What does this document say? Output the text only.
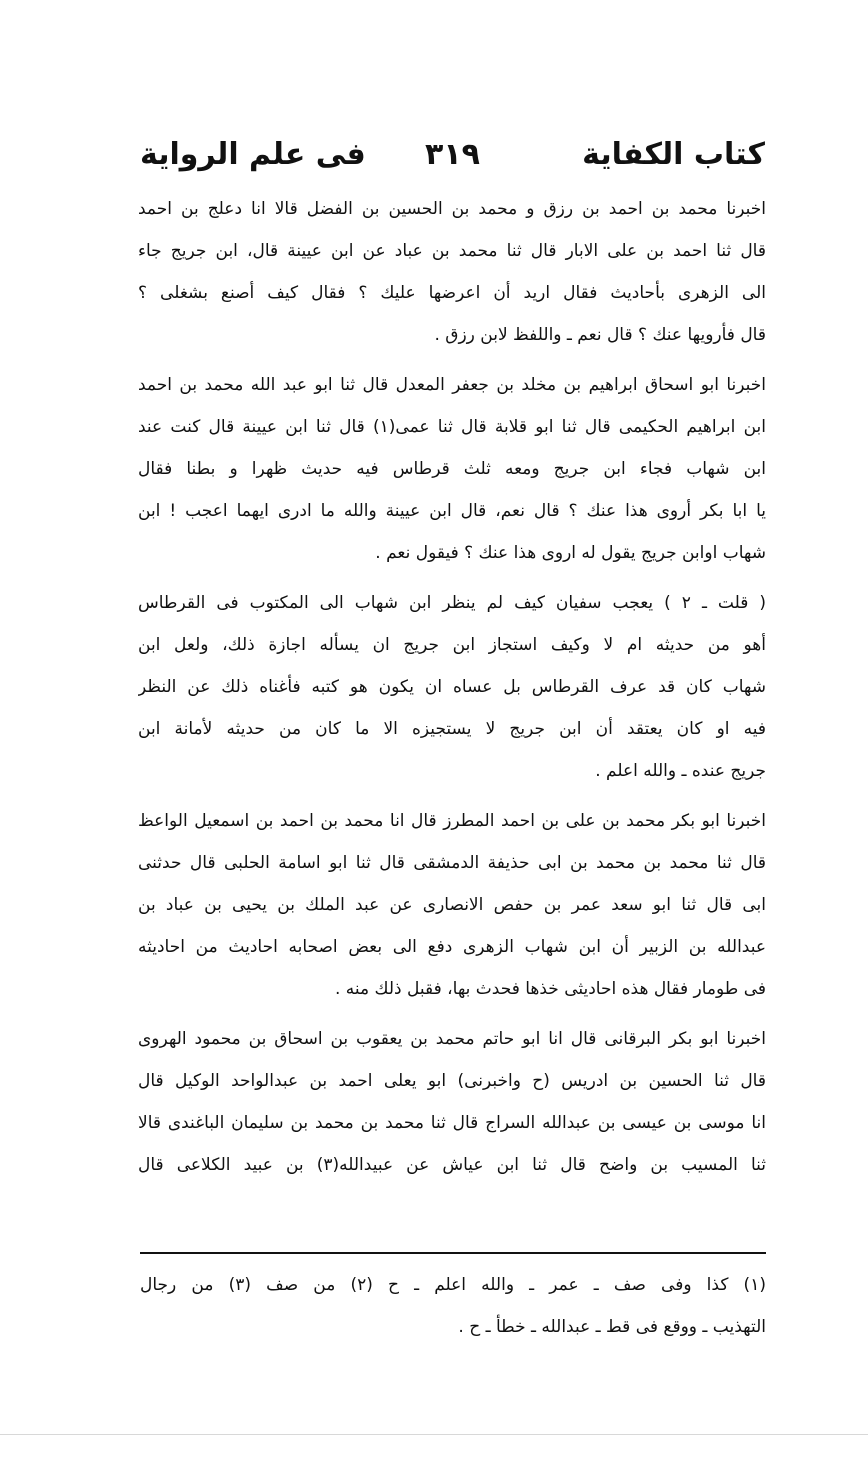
كتاب الكفاية
٣١٩
فى علم الرواية
اخبرنا محمد بن احمد بن رزق و محمد بن الحسين بن الفضل قالا انا دعلج بن احمد
قال ثنا احمد بن على الابار قال ثنا محمد بن عباد عن ابن عيينة قال، ابن جريج جاء
الى الزهرى بأحاديث فقال اريد أن اعرضها عليك ؟ فقال كيف أصنع بشغلى ؟
قال فأرويها عنك ؟ قال نعم ـ واللفظ لابن رزق .
اخبرنا ابو اسحاق ابراهيم بن مخلد بن جعفر المعدل قال ثنا ابو عبد الله محمد بن احمد
ابن ابراهيم الحكيمى قال ثنا ابو قلابة قال ثنا عمى(١) قال ثنا ابن عيينة قال كنت عند
ابن شهاب فجاء ابن جريج ومعه ثلث قرطاس فيه حديث ظهرا و بطنا فقال
يا ابا بكر أروى هذا عنك ؟ قال نعم، قال ابن عيينة والله ما ادرى ايهما اعجب ! ابن
شهاب اوابن جريج يقول له اروى هذا عنك ؟ فيقول نعم .
( قلت ـ ٢ ) يعجب سفيان كيف لم ينظر ابن شهاب الى المكتوب فى القرطاس
أهو من حديثه ام لا وكيف استجاز ابن جريج ان يسأله اجازة ذلك، ولعل ابن
شهاب كان قد عرف القرطاس بل عساه ان يكون هو كتبه فأغناه ذلك عن النظر
فيه او كان يعتقد أن ابن جريج لا يستجيزه الا ما كان من حديثه لأمانة ابن
جريج عنده ـ والله اعلم .
اخبرنا ابو بكر محمد بن على بن احمد المطرز قال انا محمد بن احمد بن اسمعيل الواعظ
قال ثنا محمد بن محمد بن ابى حذيفة الدمشقى قال ثنا ابو اسامة الحلبى قال حدثنى
ابى قال ثنا ابو سعد عمر بن حفص الانصارى عن عبد الملك بن يحيى بن عباد بن
عبدالله بن الزبير أن ابن شهاب الزهرى دفع الى بعض اصحابه احاديث من احاديثه
فى طومار فقال هذه احاديثى خذها فحدث بها، فقبل ذلك منه .
اخبرنا ابو بكر البرقانى قال انا ابو حاتم محمد بن يعقوب بن اسحاق بن محمود الهروى
قال ثنا الحسين بن ادريس (ح واخبرنى) ابو يعلى احمد بن عبدالواحد الوكيل قال
انا موسى بن عيسى بن عبدالله السراج قال ثنا محمد بن محمد بن سليمان الباغندى قالا
ثنا المسيب بن واضح قال ثنا ابن عياش عن عبيدالله(٣) بن عبيد الكلاعى قال
(١) كذا وفى صف ـ عمر ـ والله اعلم ـ ح (٢) من صف (٣) من رجال
التهذيب ـ ووقع فى قط ـ عبدالله ـ خطأ ـ ح .
